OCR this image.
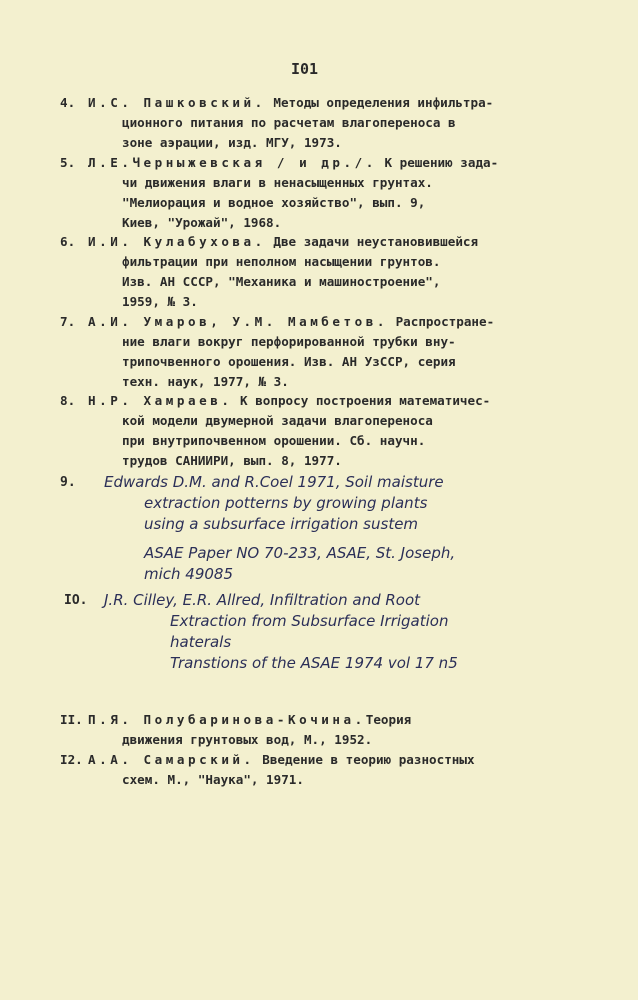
I01
4. И.С. Пашковский. Методы определения инфильтра-
ционного питания по расчетам влагопереноса в
зоне аэрации, изд. МГУ, 1973.
5. Л.Е.Черныжевская / и др./. К решению зада-
чи движения влаги в ненасыщенных грунтах.
"Мелиорация и водное хозяйство", вып. 9,
Киев, "Урожай", 1968.
6. И.И. Кулабухова. Две задачи неустановившейся
фильтрации при неполном насыщении грунтов.
Изв. АН СССР, "Механика и машиностроение",
1959, № 3.
7. А.И. Умаров, У.М. Мамбетов. Распростране-
ние влаги вокруг перфорированной трубки вну-
трипочвенного орошения. Изв. АН УзССР, серия
техн. наук, 1977, № 3.
8. Н.Р. Хамраев. К вопросу построения математичес-
кой модели двумерной задачи влагопереноса
при внутрипочвенном орошении. Сб. научн.
трудов САНИИРИ, вып. 8, 1977.
9.	Edwards D.M. and R.Coel 1971, Soil maisture
extraction potterns by growing plants
using a subsurface irrigation sustem
ASAE Paper NO 70-233, ASAE, St. Joseph,
mich 49085
IO.	J.R. Cilley, E.R. Allred, Infiltration and Root
Extraction from Subsurface Irrigation
haterals
Transtions of the ASAE 1974 vol 17 n5
II. П.Я. Полубаринова-Кочина.Теория
движения грунтовых вод, М., 1952.
I2. А.А. Самарский. Введение в теорию разностных
схем. М., "Наука", 1971.
